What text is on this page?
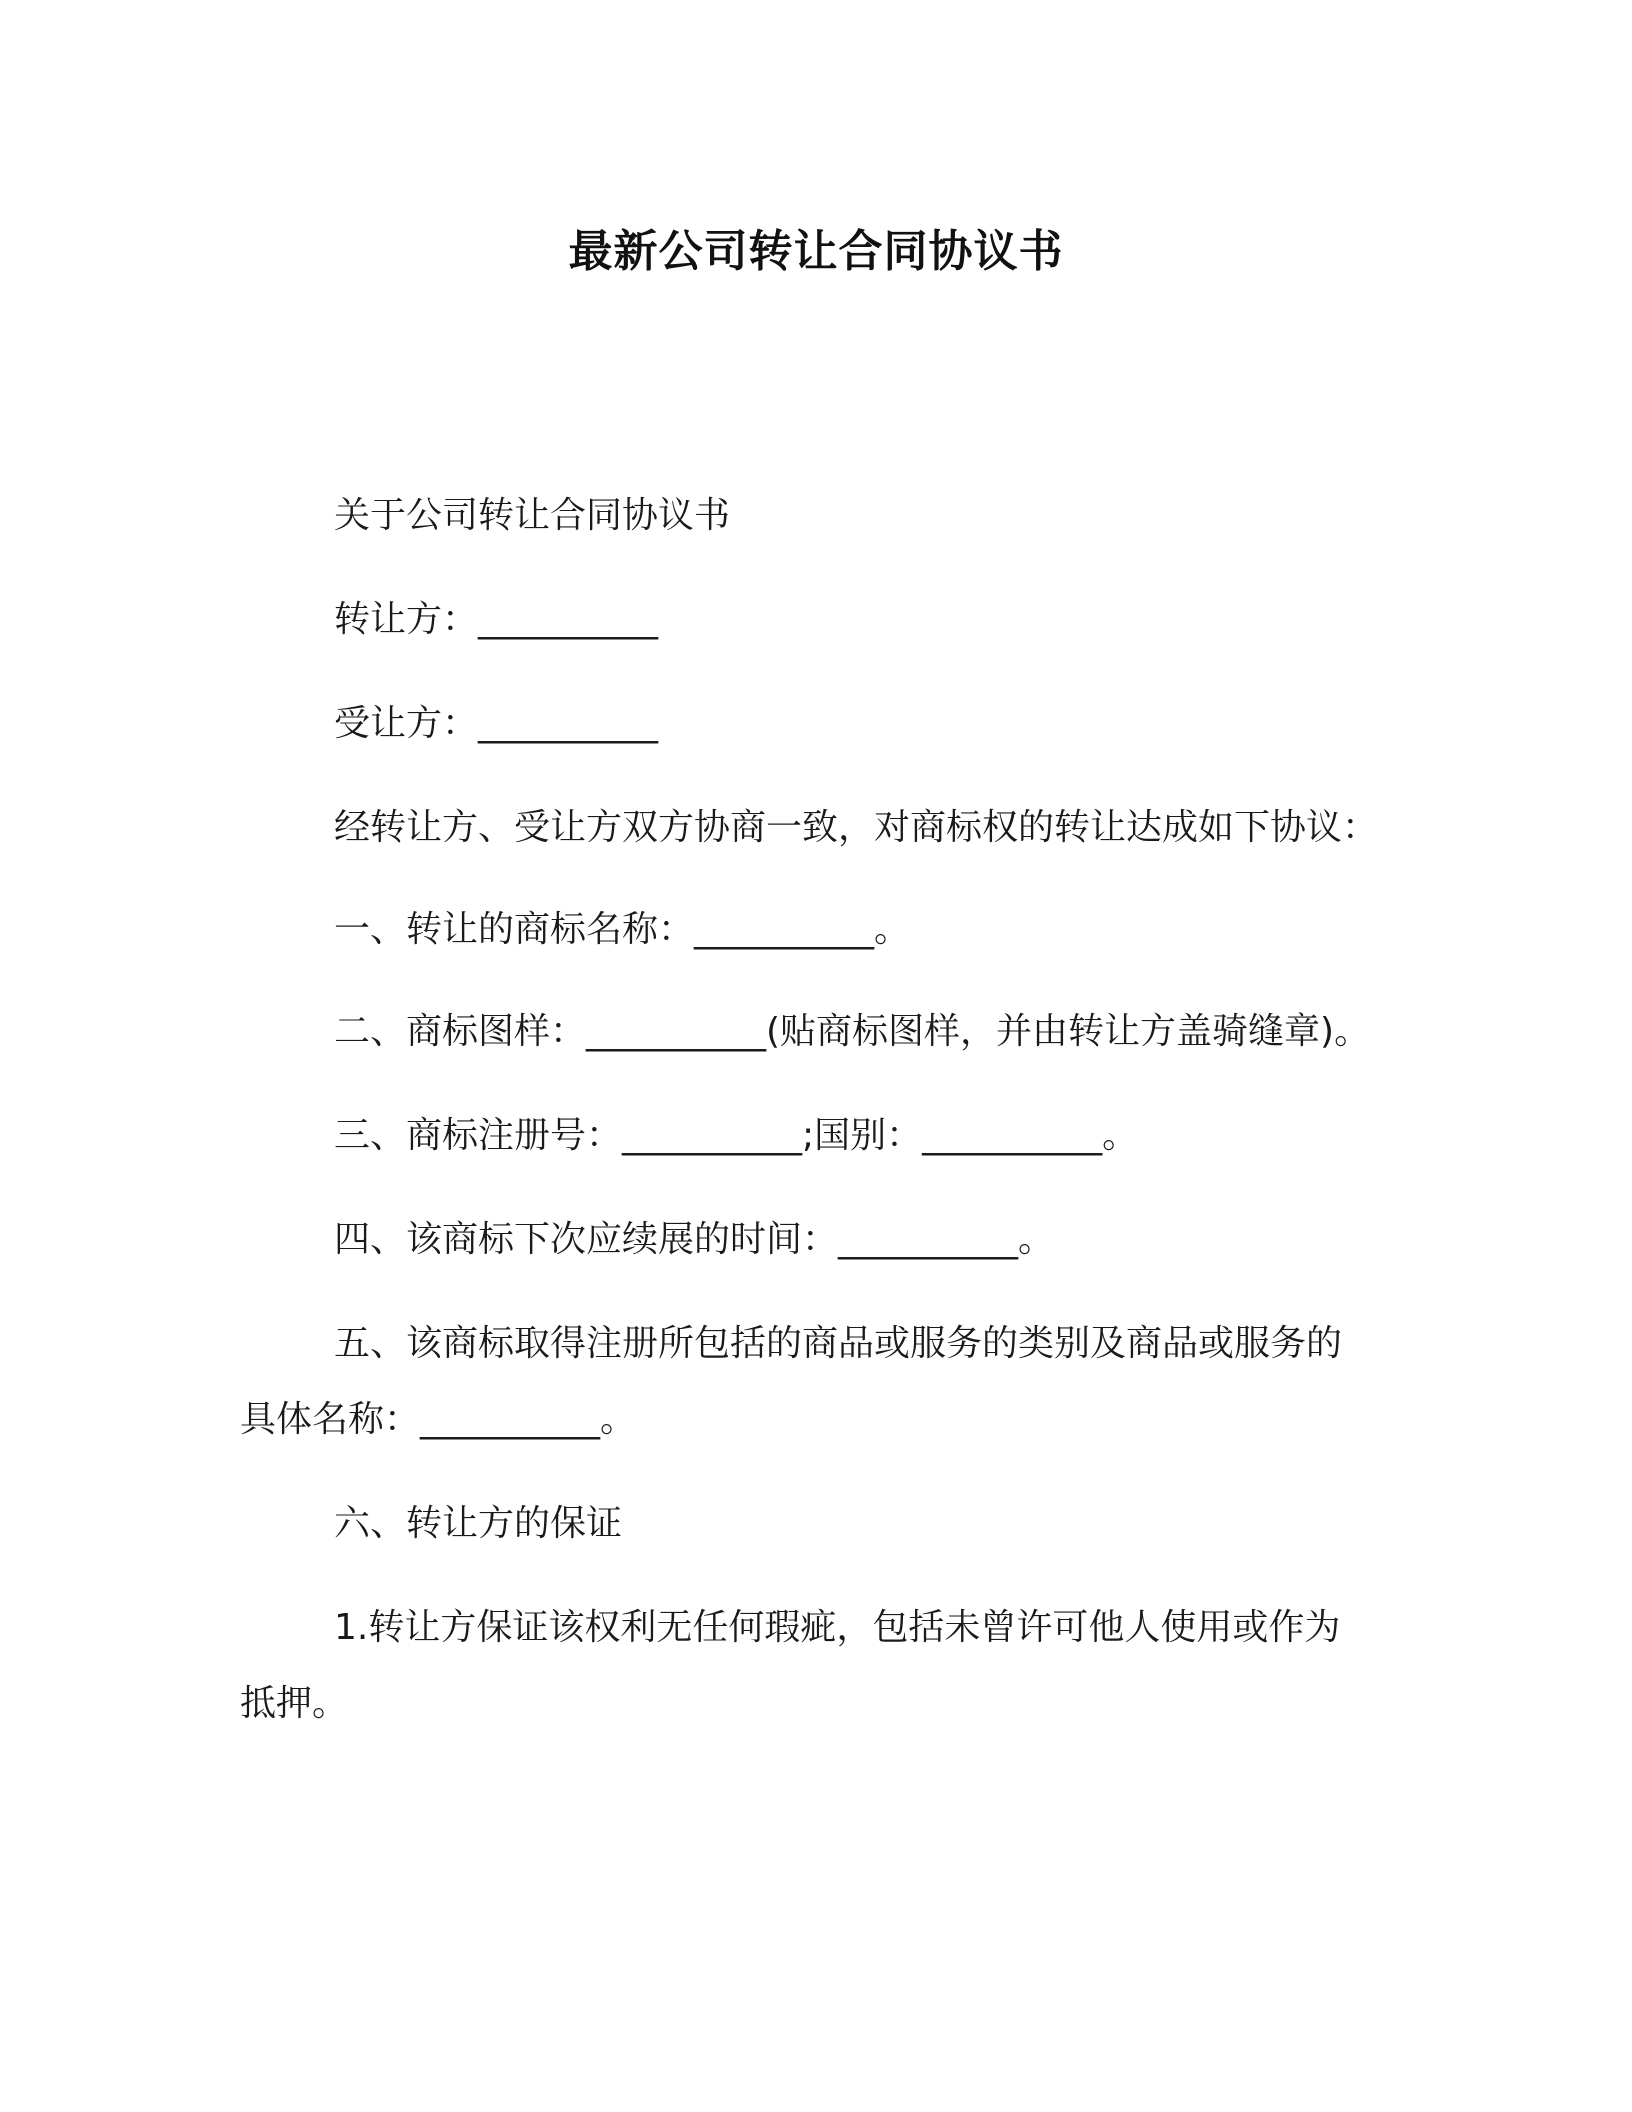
最新公司转让合同协议书
关于公司转让合同协议书
转让方：__________
受让方：__________
经转让方、受让方双方协商一致，对商标权的转让达成如下协议：
一、转让的商标名称：__________。
二、商标图样：__________(贴商标图样，并由转让方盖骑缝章)。
三、商标注册号：__________;国别：__________。
四、该商标下次应续展的时间：__________。
五、该商标取得注册所包括的商品或服务的类别及商品或服务的
具体名称：__________。
六、转让方的保证
1.转让方保证该权利无任何瑕疵，包括未曾许可他人使用或作为
抵押。
